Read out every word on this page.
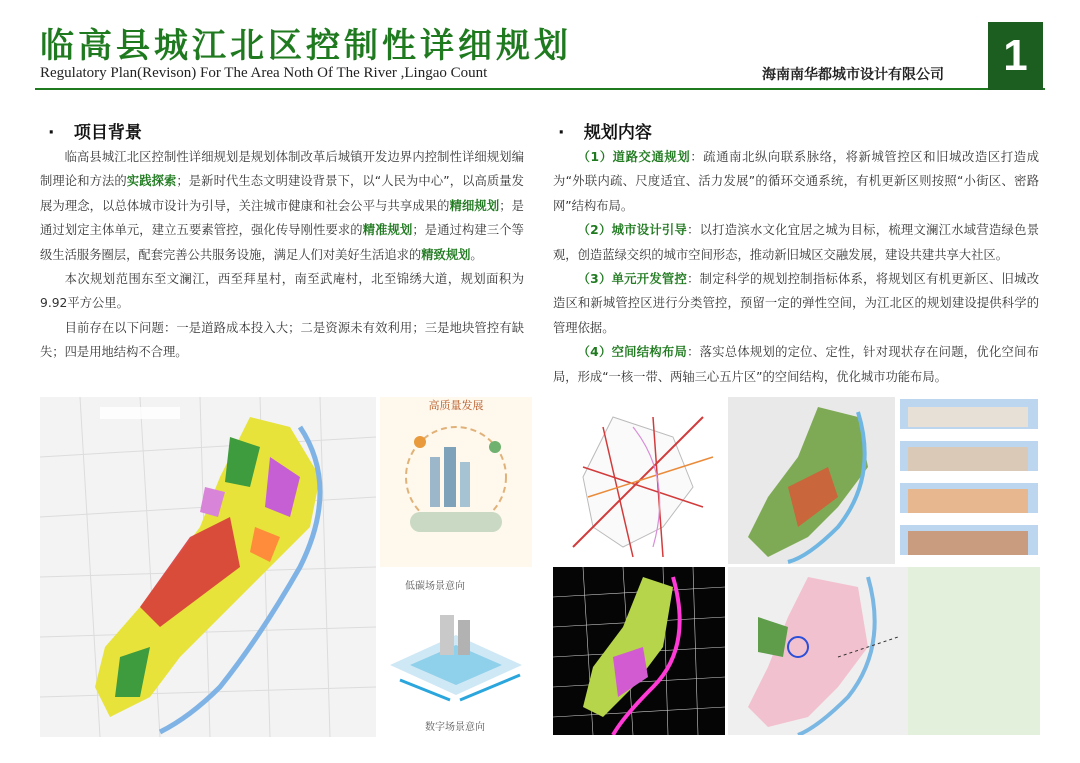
临高县城江北区控制性详细规划
Regulatory Plan(Revison) For The Area Noth Of The River ,Lingao Count	海南南华都城市设计有限公司 1
· 项目背景

临高县城江北区控制性详细规划是规划体制改革后城镇开发边界内控制性详细规划编制理论和方法的实践探索；是新时代生态文明建设背景下，以“人民为中心”，以高质量发展为理念，以总体城市设计为引导，关注城市健康和社会公平与共享成果的精细规划；是通过划定主体单元，建立五要素管控，强化传导刚性要求的精准规划；是通过构建三个等级生活服务圈层，配套完善公共服务设施，满足人们对美好生活追求的精致规划。

本次规划范围东至文澜江，西至拜星村，南至武庵村，北至锦绣大道，规划面积为9.92平方公里。

目前存在以下问题：一是道路成本投入大；二是资源未有效利用；三是地块管控有缺失；四是用地结构不合理。

高质量发展
低碳场景意向
数字场景意向
· 规划内容

（1）道路交通规划：疏通南北纵向联系脉络，将新城管控区和旧城改造区打造成为“外联内疏、尺度适宜、活力发展”的循环交通系统，有机更新区则按照“小街区、密路网”结构布局。

（2）城市设计引导：以打造滨水文化宜居之城为目标，梳理文澜江水域营造绿色景观，创造蓝绿交织的城市空间形态，推动新旧城区交融发展，建设共建共享大社区。

（3）单元开发管控：制定科学的规划控制指标体系，将规划区有机更新区、旧城改造区和新城管控区进行分类管控，预留一定的弹性空间，为江北区的规划建设提供科学的管理依据。

（4）空间结构布局：落实总体规划的定位、定性，针对现状存在问题，优化空间布局，形成“一核一带、两轴三心五片区”的空间结构，优化城市功能布局。
